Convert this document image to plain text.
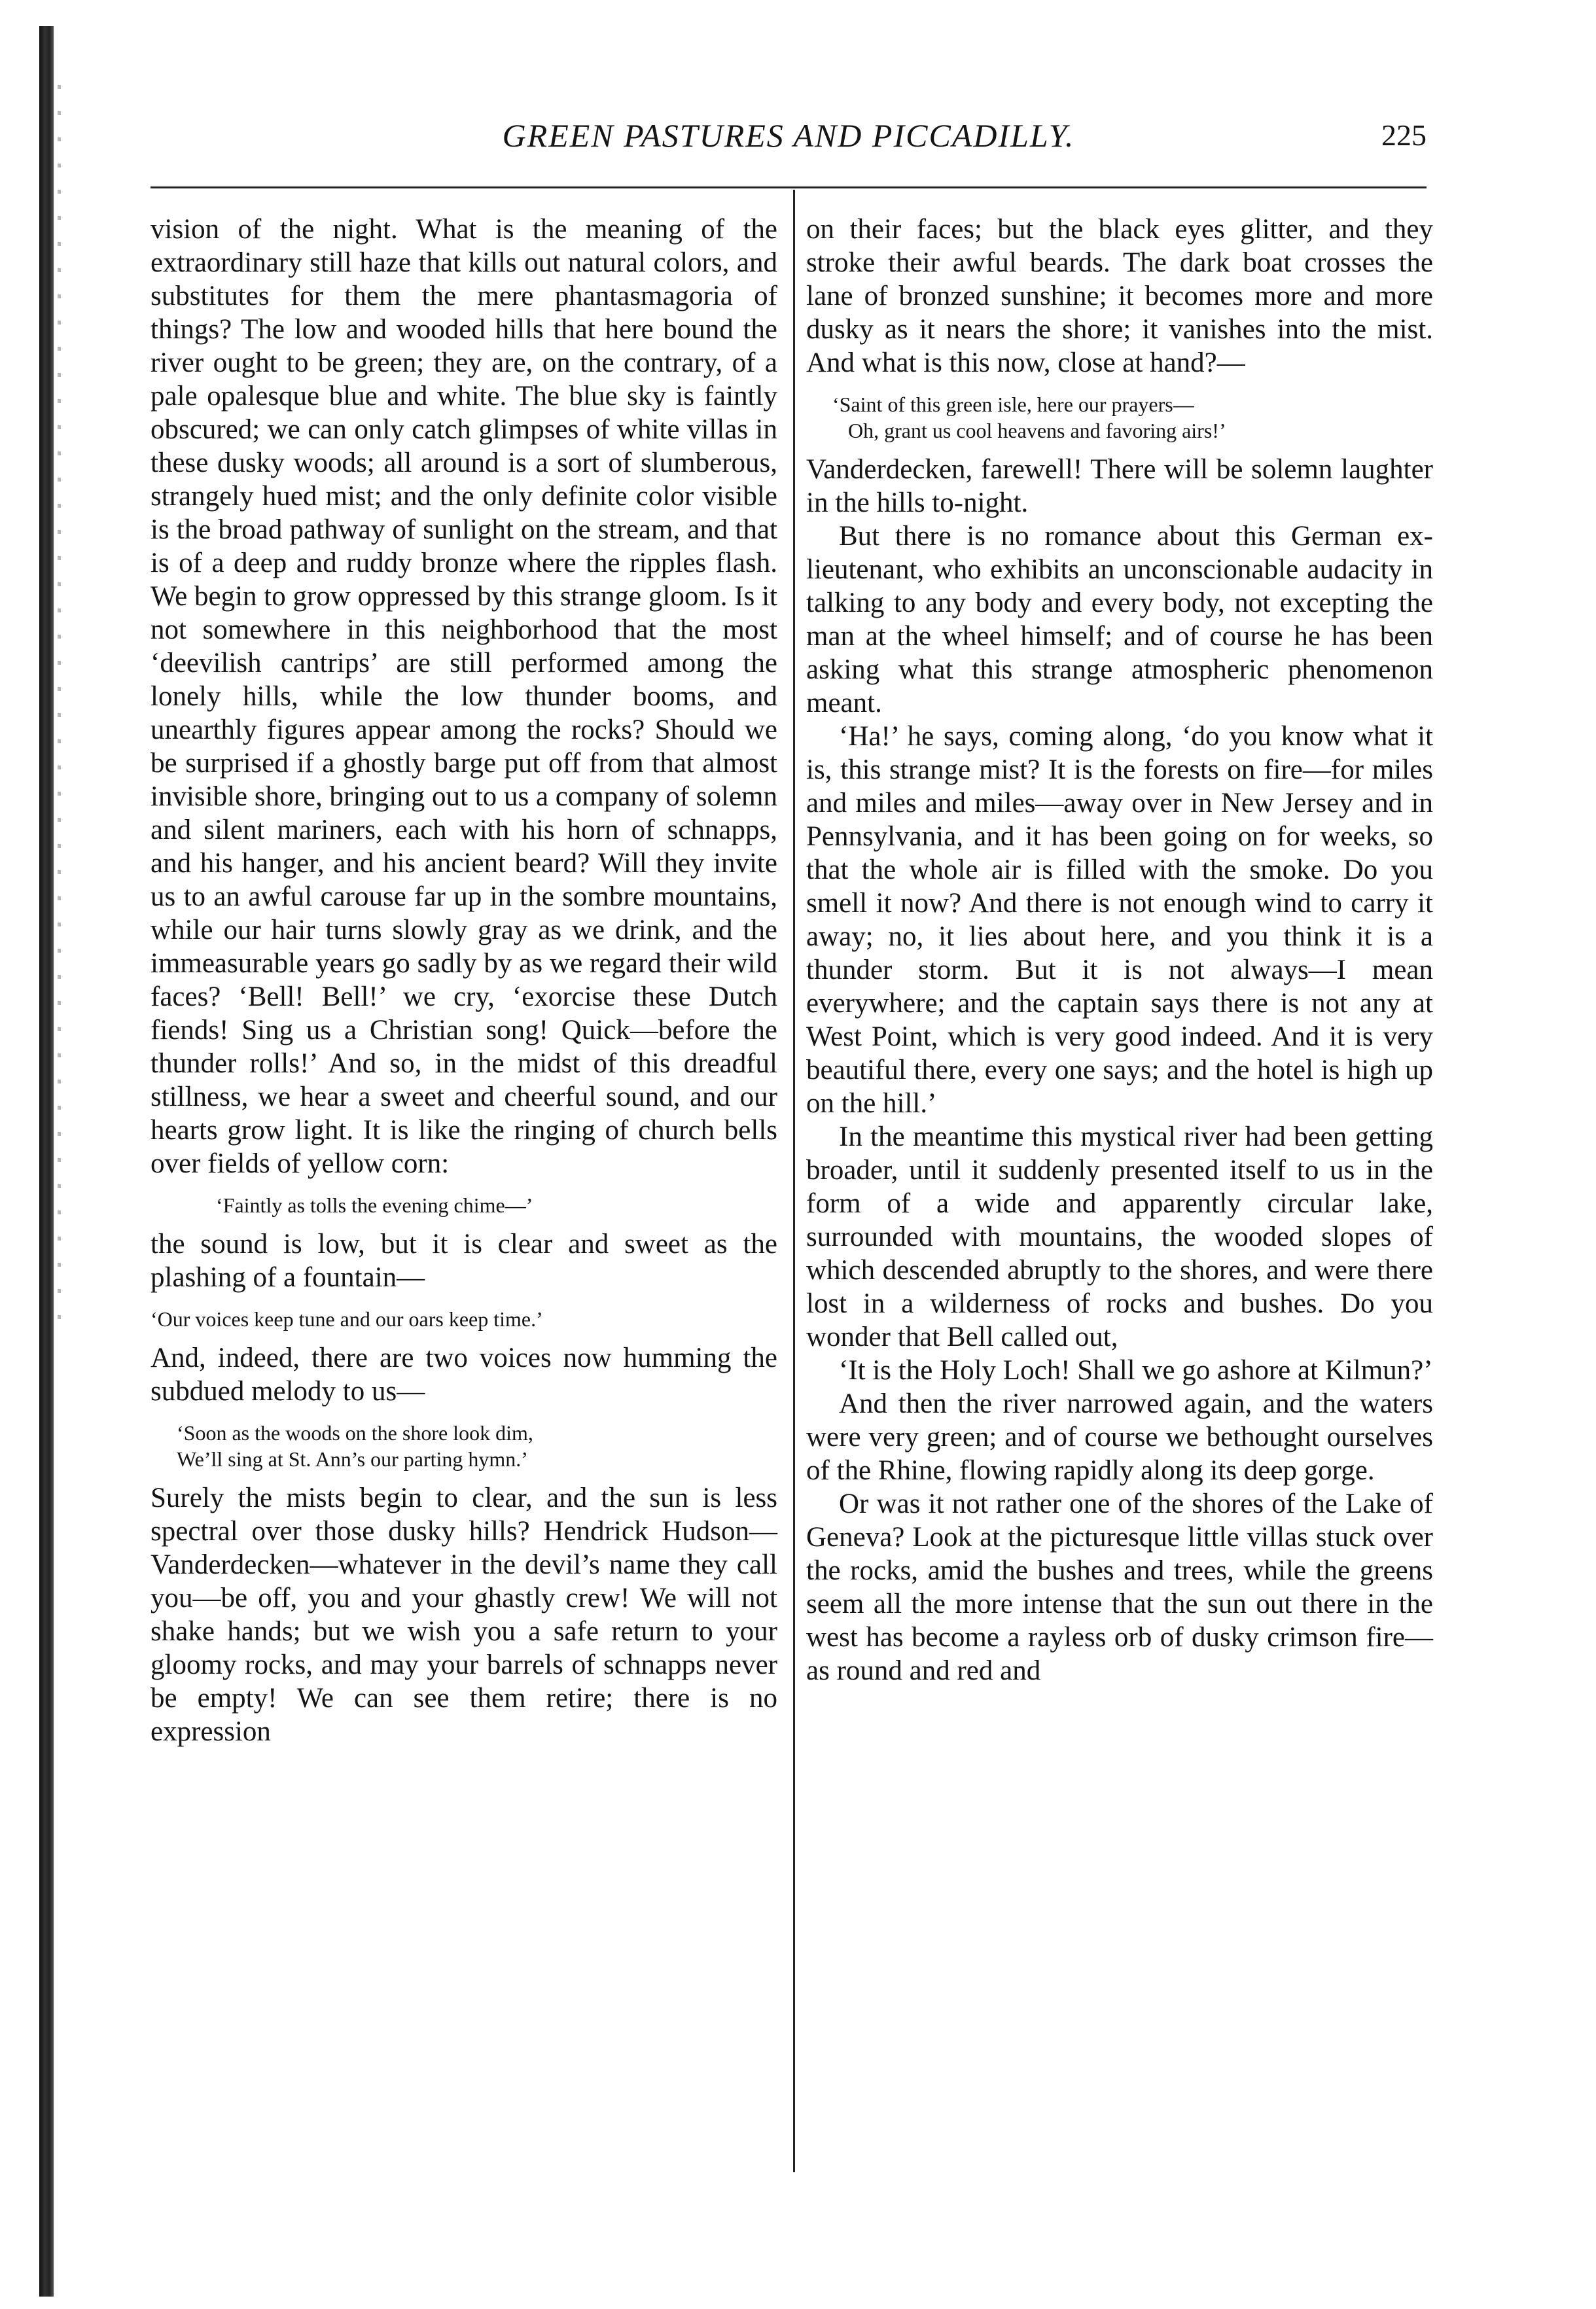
GREEN PASTURES AND PICCADILLY.	225

vision of the night. What is the meaning of the extraordinary still haze that kills out natural colors, and substitutes for them the mere phantasmagoria of things? The low and wooded hills that here bound the river ought to be green; they are, on the contrary, of a pale opalesque blue and white. The blue sky is faintly obscured; we can only catch glimpses of white villas in these dusky woods; all around is a sort of slumberous, strangely hued mist; and the only definite color visible is the broad pathway of sunlight on the stream, and that is of a deep and ruddy bronze where the ripples flash. We begin to grow oppressed by this strange gloom. Is it not somewhere in this neighborhood that the most ‘deevilish cantrips’ are still performed among the lonely hills, while the low thunder booms, and unearthly figures appear among the rocks? Should we be surprised if a ghostly barge put off from that almost invisible shore, bringing out to us a company of solemn and silent mariners, each with his horn of schnapps, and his hanger, and his ancient beard? Will they invite us to an awful carouse far up in the sombre mountains, while our hair turns slowly gray as we drink, and the immeasurable years go sadly by as we regard their wild faces? ‘Bell! Bell!’ we cry, ‘exorcise these Dutch fiends! Sing us a Christian song! Quick—before the thunder rolls!’ And so, in the midst of this dreadful stillness, we hear a sweet and cheerful sound, and our hearts grow light. It is like the ringing of church bells over fields of yellow corn:

‘Faintly as tolls the evening chime—’

the sound is low, but it is clear and sweet as the plashing of a fountain—

‘Our voices keep tune and our oars keep time.’

And, indeed, there are two voices now humming the subdued melody to us—

‘Soon as the woods on the shore look dim,
We’ll sing at St. Ann’s our parting hymn.’

Surely the mists begin to clear, and the sun is less spectral over those dusky hills? Hendrick Hudson—Vanderdecken—whatever in the devil’s name they call you—be off, you and your ghastly crew! We will not shake hands; but we wish you a safe return to your gloomy rocks, and may your barrels of schnapps never be empty! We can see them retire; there is no expression

on their faces; but the black eyes glitter, and they stroke their awful beards. The dark boat crosses the lane of bronzed sunshine; it becomes more and more dusky as it nears the shore; it vanishes into the mist. And what is this now, close at hand?—

‘Saint of this green isle, here our prayers—
Oh, grant us cool heavens and favoring airs!’

Vanderdecken, farewell! There will be solemn laughter in the hills to-night.

But there is no romance about this German ex-lieutenant, who exhibits an unconscionable audacity in talking to any body and every body, not excepting the man at the wheel himself; and of course he has been asking what this strange atmospheric phenomenon meant.

‘Ha!’ he says, coming along, ‘do you know what it is, this strange mist? It is the forests on fire—for miles and miles and miles—away over in New Jersey and in Pennsylvania, and it has been going on for weeks, so that the whole air is filled with the smoke. Do you smell it now? And there is not enough wind to carry it away; no, it lies about here, and you think it is a thunder storm. But it is not always—I mean everywhere; and the captain says there is not any at West Point, which is very good indeed. And it is very beautiful there, every one says; and the hotel is high up on the hill.’

In the meantime this mystical river had been getting broader, until it suddenly presented itself to us in the form of a wide and apparently circular lake, surrounded with mountains, the wooded slopes of which descended abruptly to the shores, and were there lost in a wilderness of rocks and bushes. Do you wonder that Bell called out,

‘It is the Holy Loch! Shall we go ashore at Kilmun?’

And then the river narrowed again, and the waters were very green; and of course we bethought ourselves of the Rhine, flowing rapidly along its deep gorge.

Or was it not rather one of the shores of the Lake of Geneva? Look at the picturesque little villas stuck over the rocks, amid the bushes and trees, while the greens seem all the more intense that the sun out there in the west has become a rayless orb of dusky crimson fire—as round and red and
